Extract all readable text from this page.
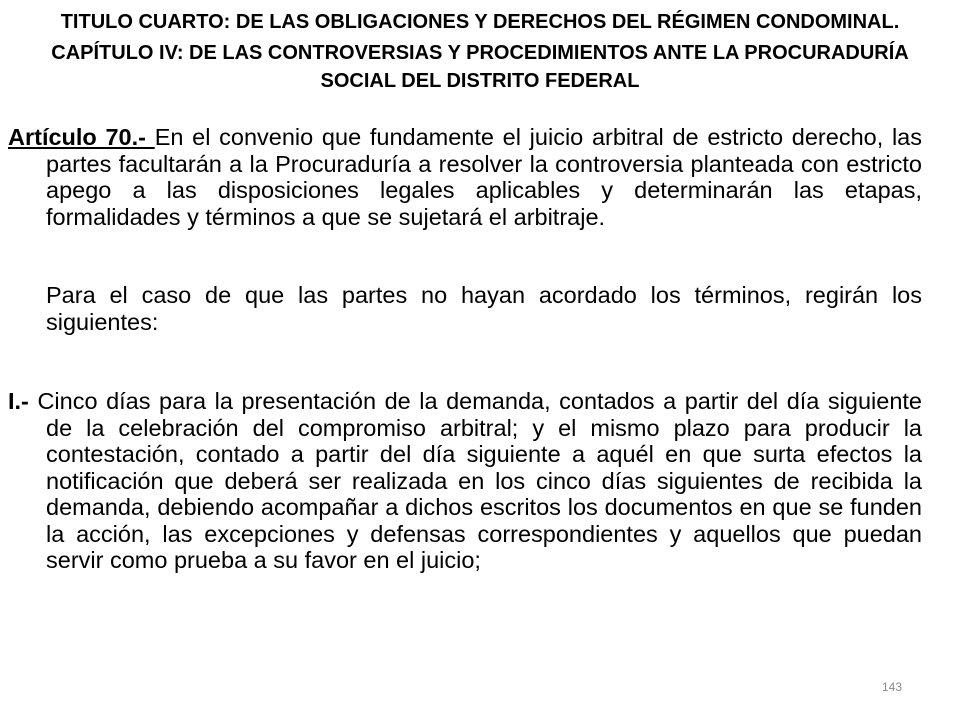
TITULO CUARTO: DE LAS OBLIGACIONES Y DERECHOS DEL RÉGIMEN CONDOMINAL.
CAPÍTULO IV: DE LAS CONTROVERSIAS Y PROCEDIMIENTOS ANTE LA PROCURADURÍA SOCIAL DEL DISTRITO FEDERAL

Artículo 70.- En el convenio que fundamente el juicio arbitral de estricto derecho, las partes facultarán a la Procuraduría a resolver la controversia planteada con estricto apego a las disposiciones legales aplicables y determinarán las etapas, formalidades y términos a que se sujetará el arbitraje.

Para el caso de que las partes no hayan acordado los términos, regirán los siguientes:

I.- Cinco días para la presentación de la demanda, contados a partir del día siguiente de la celebración del compromiso arbitral; y el mismo plazo para producir la contestación, contado a partir del día siguiente a aquél en que surta efectos la notificación que deberá ser realizada en los cinco días siguientes de recibida la demanda, debiendo acompañar a dichos escritos los documentos en que se funden la acción, las excepciones y defensas correspondientes y aquellos que puedan servir como prueba a su favor en el juicio;

143
